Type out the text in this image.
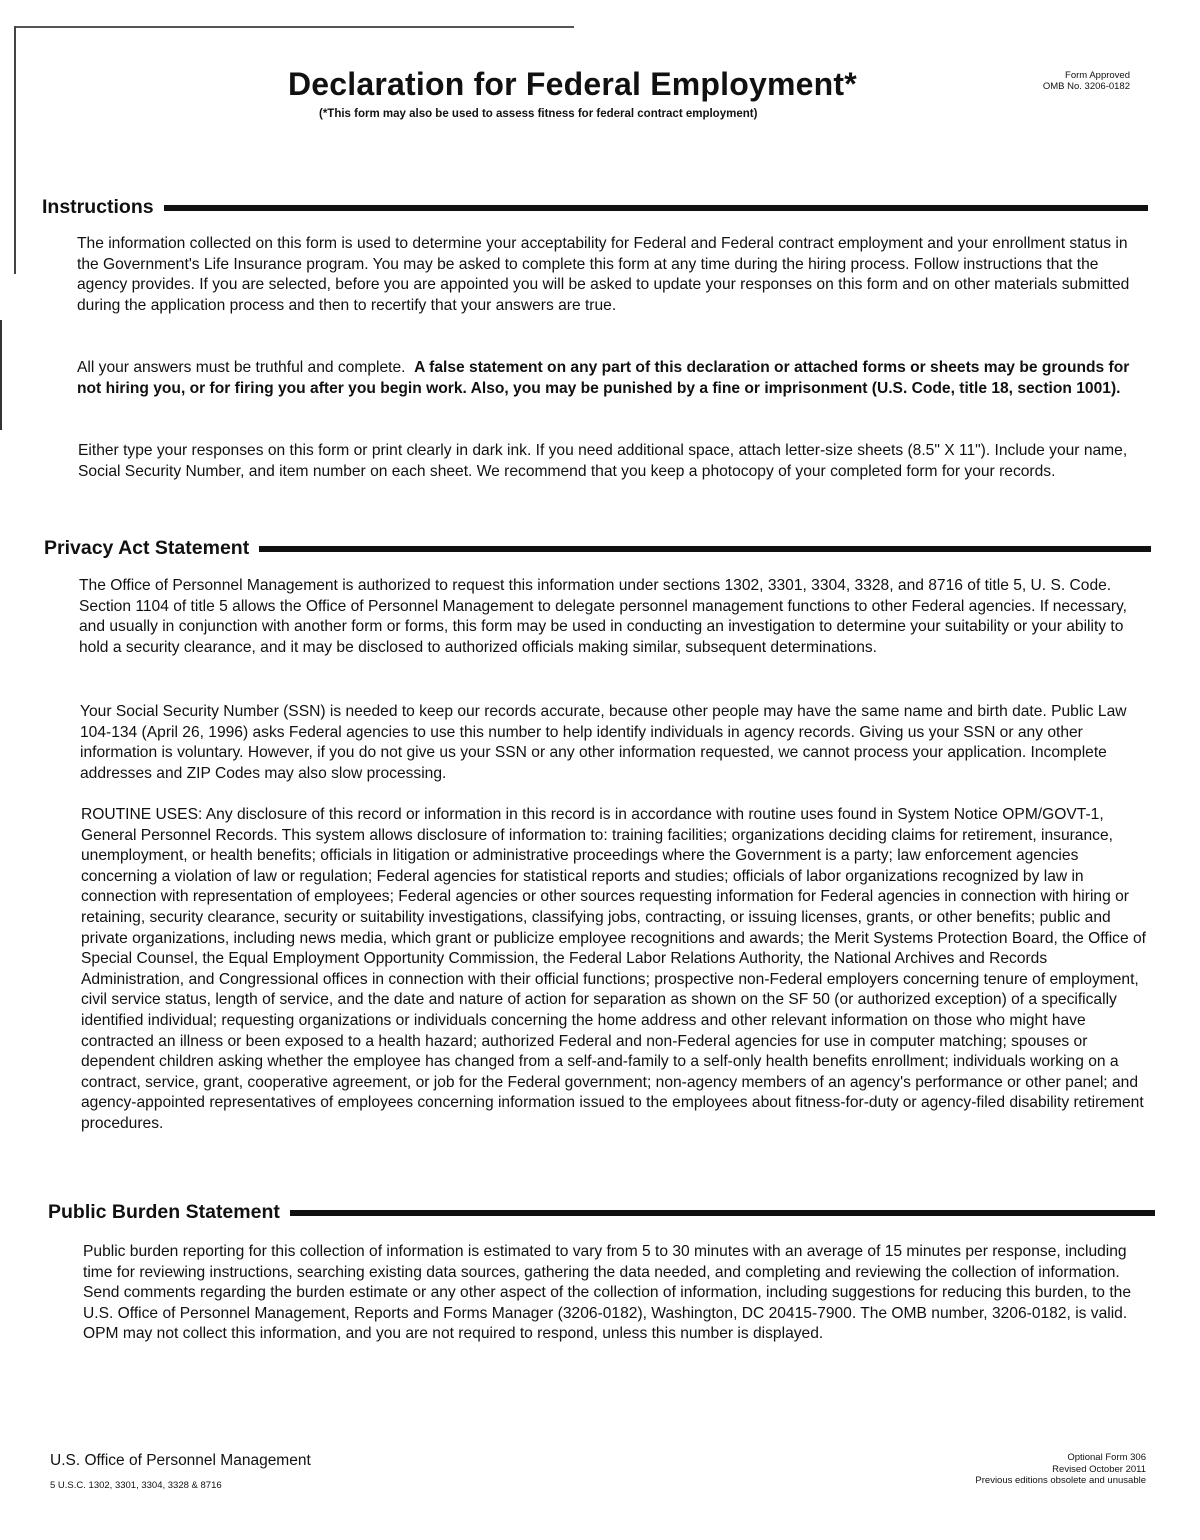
Declaration for Federal Employment*
(*This form may also be used to assess fitness for federal contract employment)
Form Approved
OMB No. 3206-0182
Instructions

The information collected on this form is used to determine your acceptability for Federal and Federal contract employment and your enrollment status in the Government's Life Insurance program. You may be asked to complete this form at any time during the hiring process. Follow instructions that the agency provides. If you are selected, before you are appointed you will be asked to update your responses on this form and on other materials submitted during the application process and then to recertify that your answers are true.

All your answers must be truthful and complete. A false statement on any part of this declaration or attached forms or sheets may be grounds for not hiring you, or for firing you after you begin work. Also, you may be punished by a fine or imprisonment (U.S. Code, title 18, section 1001).

Either type your responses on this form or print clearly in dark ink. If you need additional space, attach letter-size sheets (8.5" X 11"). Include your name, Social Security Number, and item number on each sheet. We recommend that you keep a photocopy of your completed form for your records.

Privacy Act Statement

The Office of Personnel Management is authorized to request this information under sections 1302, 3301, 3304, 3328, and 8716 of title 5, U. S. Code. Section 1104 of title 5 allows the Office of Personnel Management to delegate personnel management functions to other Federal agencies. If necessary, and usually in conjunction with another form or forms, this form may be used in conducting an investigation to determine your suitability or your ability to hold a security clearance, and it may be disclosed to authorized officials making similar, subsequent determinations.

Your Social Security Number (SSN) is needed to keep our records accurate, because other people may have the same name and birth date. Public Law 104-134 (April 26, 1996) asks Federal agencies to use this number to help identify individuals in agency records. Giving us your SSN or any other information is voluntary. However, if you do not give us your SSN or any other information requested, we cannot process your application. Incomplete addresses and ZIP Codes may also slow processing.

ROUTINE USES: Any disclosure of this record or information in this record is in accordance with routine uses found in System Notice OPM/GOVT-1, General Personnel Records. This system allows disclosure of information to: training facilities; organizations deciding claims for retirement, insurance, unemployment, or health benefits; officials in litigation or administrative proceedings where the Government is a party; law enforcement agencies concerning a violation of law or regulation; Federal agencies for statistical reports and studies; officials of labor organizations recognized by law in connection with representation of employees; Federal agencies or other sources requesting information for Federal agencies in connection with hiring or retaining, security clearance, security or suitability investigations, classifying jobs, contracting, or issuing licenses, grants, or other benefits; public and private organizations, including news media, which grant or publicize employee recognitions and awards; the Merit Systems Protection Board, the Office of Special Counsel, the Equal Employment Opportunity Commission, the Federal Labor Relations Authority, the National Archives and Records Administration, and Congressional offices in connection with their official functions; prospective non-Federal employers concerning tenure of employment, civil service status, length of service, and the date and nature of action for separation as shown on the SF 50 (or authorized exception) of a specifically identified individual; requesting organizations or individuals concerning the home address and other relevant information on those who might have contracted an illness or been exposed to a health hazard; authorized Federal and non-Federal agencies for use in computer matching; spouses or dependent children asking whether the employee has changed from a self-and-family to a self-only health benefits enrollment; individuals working on a contract, service, grant, cooperative agreement, or job for the Federal government; non-agency members of an agency's performance or other panel; and agency-appointed representatives of employees concerning information issued to the employees about fitness-for-duty or agency-filed disability retirement procedures.

Public Burden Statement

Public burden reporting for this collection of information is estimated to vary from 5 to 30 minutes with an average of 15 minutes per response, including time for reviewing instructions, searching existing data sources, gathering the data needed, and completing and reviewing the collection of information. Send comments regarding the burden estimate or any other aspect of the collection of information, including suggestions for reducing this burden, to the U.S. Office of Personnel Management, Reports and Forms Manager (3206-0182), Washington, DC 20415-7900. The OMB number, 3206-0182, is valid. OPM may not collect this information, and you are not required to respond, unless this number is displayed.

U.S. Office of Personnel Management
5 U.S.C. 1302, 3301, 3304, 3328 & 8716
Optional Form 306
Revised October 2011
Previous editions obsolete and unusable
